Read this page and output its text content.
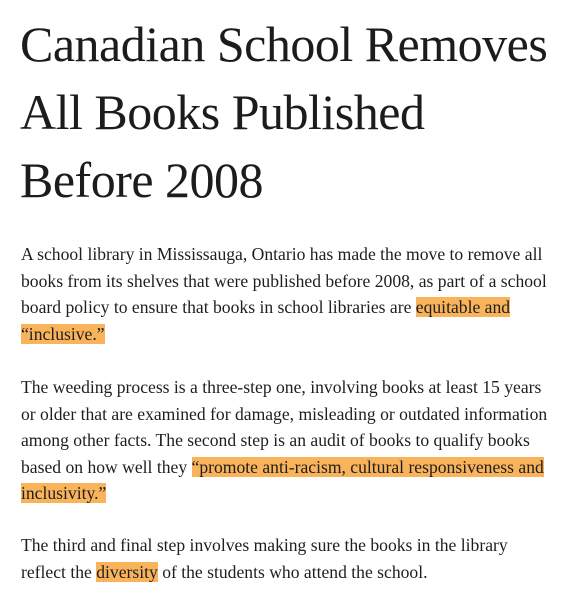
Canadian School Removes All Books Published Before 2008

A school library in Mississauga, Ontario has made the move to remove all books from its shelves that were published before 2008, as part of a school board policy to ensure that books in school libraries are equitable and “inclusive.”

The weeding process is a three-step one, involving books at least 15 years or older that are examined for damage, misleading or outdated information among other facts. The second step is an audit of books to qualify books based on how well they “promote anti-racism, cultural responsiveness and inclusivity.”

The third and final step involves making sure the books in the library reflect the diversity of the students who attend the school.
